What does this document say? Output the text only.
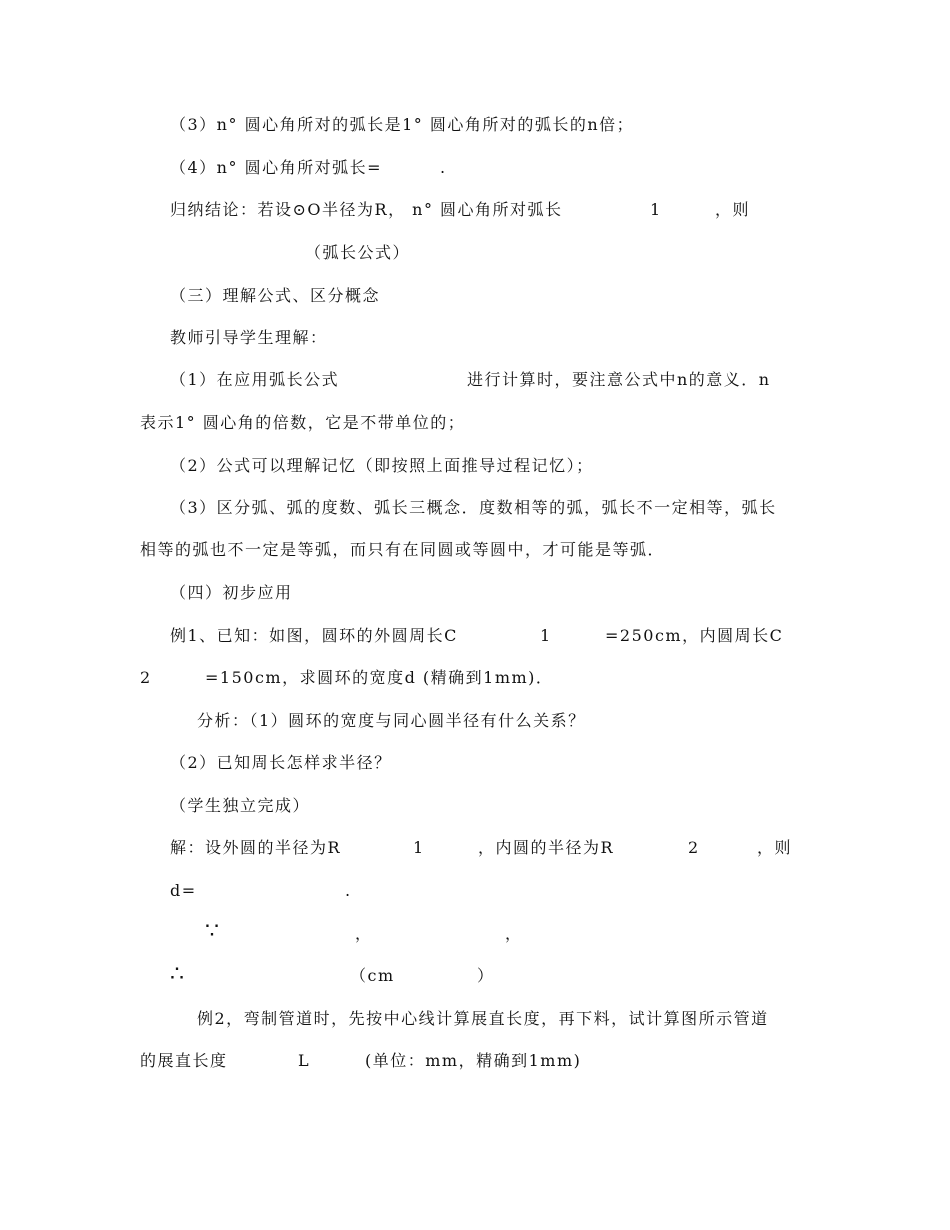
（3）n° 圆心角所对的弧长是1° 圆心角所对的弧长的n倍；
（4）n° 圆心角所对弧长=	.
归纳结论：若设⊙O半径为R， n° 圆心角所对弧长	1	，则
（弧长公式）
（三）理解公式、区分概念
教师引导学生理解：
（1）在应用弧长公式	进行计算时，要注意公式中n的意义．n
表示1° 圆心角的倍数，它是不带单位的；
（2）公式可以理解记忆（即按照上面推导过程记忆）；
（3）区分弧、弧的度数、弧长三概念．度数相等的弧，弧长不一定相等，弧长
相等的弧也不一定是等弧，而只有在同圆或等圆中，才可能是等弧．
（四）初步应用
例1、已知：如图，圆环的外圆周长C	1	=250cm，内圆周长C
2	=150cm，求圆环的宽度d (精确到1mm)．
分析：（1）圆环的宽度与同心圆半径有什么关系？
（2）已知周长怎样求半径？
（学生独立完成）
解：设外圆的半径为R	1	，内圆的半径为R	2	，则
d=	.
∵	，	，
∴	（cm	）
例2，弯制管道时，先按中心线计算展直长度，再下料，试计算图所示管道
的展直长度	L	(单位：mm，精确到1mm)
